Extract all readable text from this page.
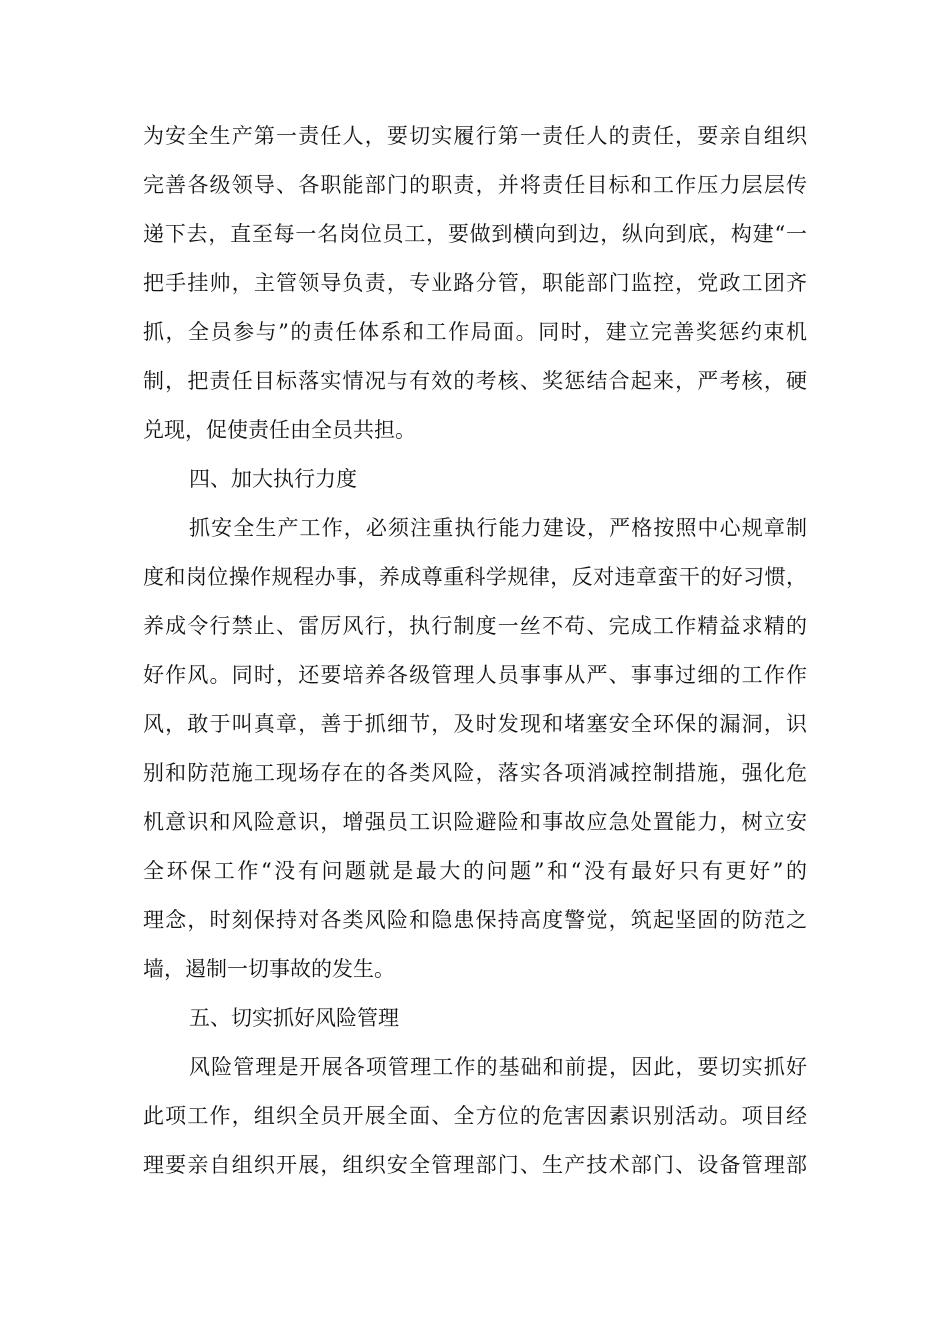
为安全生产第一责任人，要切实履行第一责任人的责任，要亲自组织
完善各级领导、各职能部门的职责，并将责任目标和工作压力层层传
递下去，直至每一名岗位员工，要做到横向到边，纵向到底，构建“一
把手挂帅，主管领导负责，专业路分管，职能部门监控，党政工团齐
抓，全员参与”的责任体系和工作局面。同时，建立完善奖惩约束机
制，把责任目标落实情况与有效的考核、奖惩结合起来，严考核，硬
兑现，促使责任由全员共担。
四、加大执行力度
抓安全生产工作，必须注重执行能力建设，严格按照中心规章制
度和岗位操作规程办事，养成尊重科学规律，反对违章蛮干的好习惯，
养成令行禁止、雷厉风行，执行制度一丝不苟、完成工作精益求精的
好作风。同时，还要培养各级管理人员事事从严、事事过细的工作作
风，敢于叫真章，善于抓细节，及时发现和堵塞安全环保的漏洞，识
别和防范施工现场存在的各类风险，落实各项消减控制措施，强化危
机意识和风险意识，增强员工识险避险和事故应急处置能力，树立安
全环保工作“没有问题就是最大的问题”和“没有最好只有更好”的
理念，时刻保持对各类风险和隐患保持高度警觉，筑起坚固的防范之
墙，遏制一切事故的发生。
五、切实抓好风险管理
风险管理是开展各项管理工作的基础和前提，因此，要切实抓好
此项工作，组织全员开展全面、全方位的危害因素识别活动。项目经
理要亲自组织开展，组织安全管理部门、生产技术部门、设备管理部
